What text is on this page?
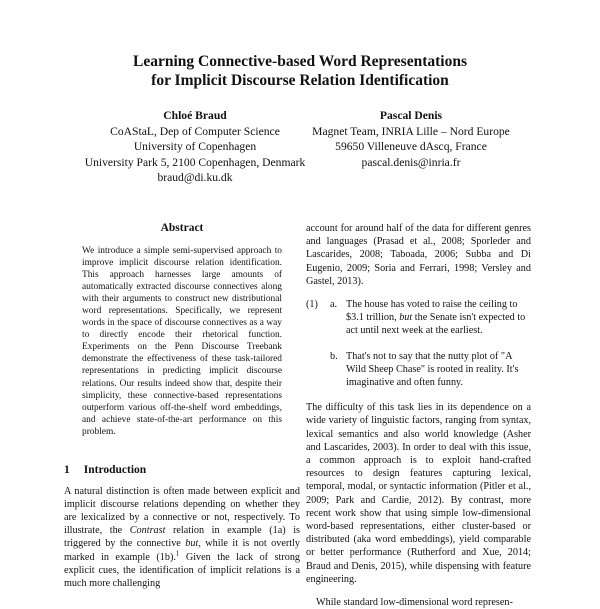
Learning Connective-based Word Representations
for Implicit Discourse Relation Identification
Chloé Braud
CoAStaL, Dep of Computer Science
University of Copenhagen
University Park 5, 2100 Copenhagen, Denmark
braud@di.ku.dk
Pascal Denis
Magnet Team, INRIA Lille – Nord Europe
59650 Villeneuve dAscq, France
pascal.denis@inria.fr
Abstract
We introduce a simple semi-supervised approach to improve implicit discourse relation identification. This approach harnesses large amounts of automatically extracted discourse connectives along with their arguments to construct new distributional word representations. Specifically, we represent words in the space of discourse connectives as a way to directly encode their rhetorical function. Experiments on the Penn Discourse Treebank demonstrate the effectiveness of these task-tailored representations in predicting implicit discourse relations. Our results indeed show that, despite their simplicity, these connective-based representations outperform various off-the-shelf word embeddings, and achieve state-of-the-art performance on this problem.
1 Introduction
A natural distinction is often made between explicit and implicit discourse relations depending on whether they are lexicalized by a connective or not, respectively. To illustrate, the Contrast relation in example (1a) is triggered by the connective but, while it is not overtly marked in example (1b).$^1$ Given the lack of strong explicit cues, the identification of implicit relations is a much more challenging
account for around half of the data for different genres and languages (Prasad et al., 2008; Sporleder and Lascarides, 2008; Taboada, 2006; Subba and Di Eugenio, 2009; Soria and Ferrari, 1998; Versley and Gastel, 2013).
(1)	a. The house has voted to raise the ceiling to $3.1 trillion, but the Senate isn't expected to act until next week at the earliest.
b. That's not to say that the nutty plot of "A Wild Sheep Chase" is rooted in reality. It's imaginative and often funny.
The difficulty of this task lies in its dependence on a wide variety of linguistic factors, ranging from syntax, lexical semantics and also world knowledge (Asher and Lascarides, 2003). In order to deal with this issue, a common approach is to exploit hand-crafted resources to design features capturing lexical, temporal, modal, or syntactic information (Pitler et al., 2009; Park and Cardie, 2012). By contrast, more recent work show that using simple low-dimensional word-based representations, either cluster-based or distributed (aka word embeddings), yield comparable or better performance (Rutherford and Xue, 2014; Braud and Denis, 2015), while dispensing with feature engineering.
While standard low-dimensional word represen-
